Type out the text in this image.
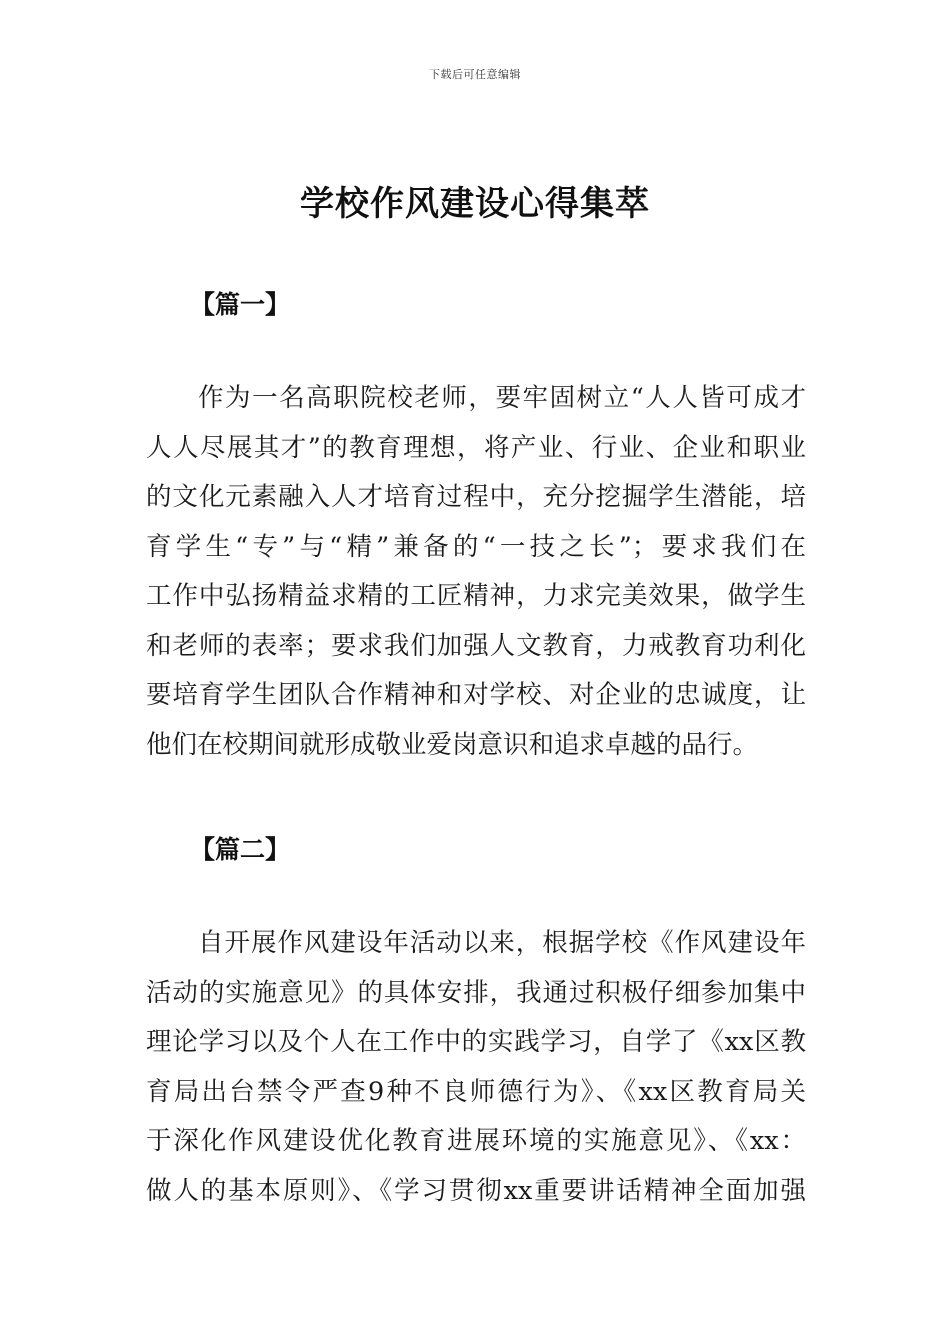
下载后可任意编辑
学校作风建设心得集萃
【篇一】
作为一名高职院校老师，要牢固树立“人人皆可成才
人人尽展其才”的教育理想，将产业、行业、企业和职业
的文化元素融入人才培育过程中，充分挖掘学生潜能，培
育学生“专”与“精”兼备的“一技之长”；要求我们在
工作中弘扬精益求精的工匠精神，力求完美效果，做学生
和老师的表率；要求我们加强人文教育，力戒教育功利化
要培育学生团队合作精神和对学校、对企业的忠诚度，让
他们在校期间就形成敬业爱岗意识和追求卓越的品行。
【篇二】
自开展作风建设年活动以来，根据学校《作风建设年
活动的实施意见》的具体安排，我通过积极仔细参加集中
理论学习以及个人在工作中的实践学习，自学了《xx区教
育局出台禁令严查9种不良师德行为》、《xx区教育局关
于深化作风建设优化教育进展环境的实施意见》、《xx：
做人的基本原则》、《学习贯彻xx重要讲话精神全面加强
